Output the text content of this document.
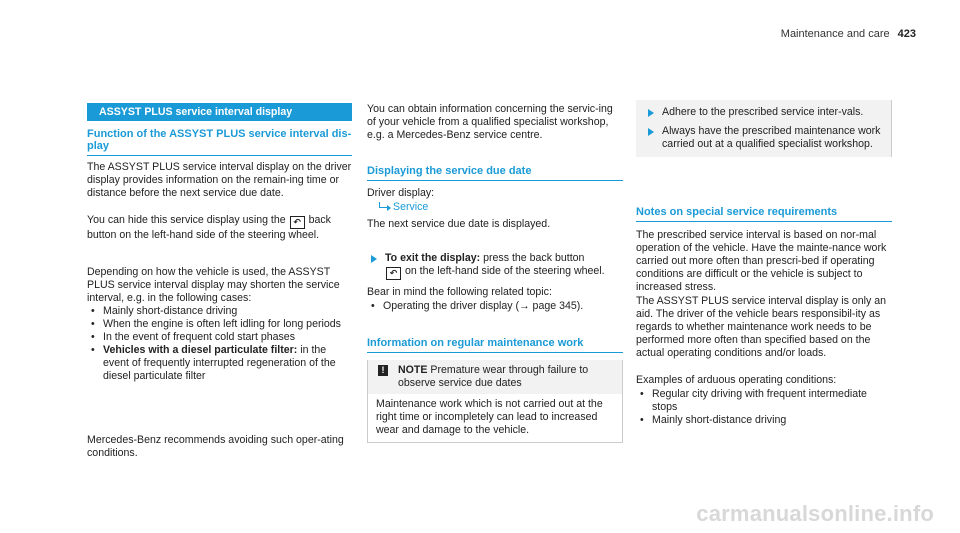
Maintenance and care 423
ASSYST PLUS service interval display
Function of the ASSYST PLUS service interval dis-play

The ASSYST PLUS service interval display on the driver display provides information on the remain-ing time or distance before the next service due date.

You can hide this service display using the ↶ back button on the left-hand side of the steering wheel.

Depending on how the vehicle is used, the ASSYST PLUS service interval display may shorten the service interval, e.g. in the following cases:

• Mainly short-distance driving
• When the engine is often left idling for long periods
• In the event of frequent cold start phases
• Vehicles with a diesel particulate filter: in the event of frequently interrupted regeneration of the diesel particulate filter

Mercedes-Benz recommends avoiding such oper-ating conditions.

You can obtain information concerning the servic-ing of your vehicle from a qualified specialist workshop, e.g. a Mercedes-Benz service centre.

Displaying the service due date

Driver display:

Service

The next service due date is displayed.

To exit the display: press the back button
↶ on the left-hand side of the steering wheel.

Bear in mind the following related topic:

• Operating the driver display (→ page 345).
Information on regular maintenance work
!	NOTE Premature wear through failure to observe service due dates
Maintenance work which is not carried out at the right time or incompletely can lead to increased wear and damage to the vehicle.
Adhere to the prescribed service inter-vals.
Always have the prescribed maintenance work carried out at a qualified specialist workshop.
Notes on special service requirements

The prescribed service interval is based on nor-mal operation of the vehicle. Have the mainte-nance work carried out more often than prescri-bed if operating conditions are difficult or the vehicle is subject to increased stress.

The ASSYST PLUS service interval display is only an aid. The driver of the vehicle bears responsibil-ity as regards to whether maintenance work needs to be performed more often than specified based on the actual operating conditions and/or loads.

Examples of arduous operating conditions:

• Regular city driving with frequent intermediate stops
• Mainly short-distance driving
carmanualsonline.info
